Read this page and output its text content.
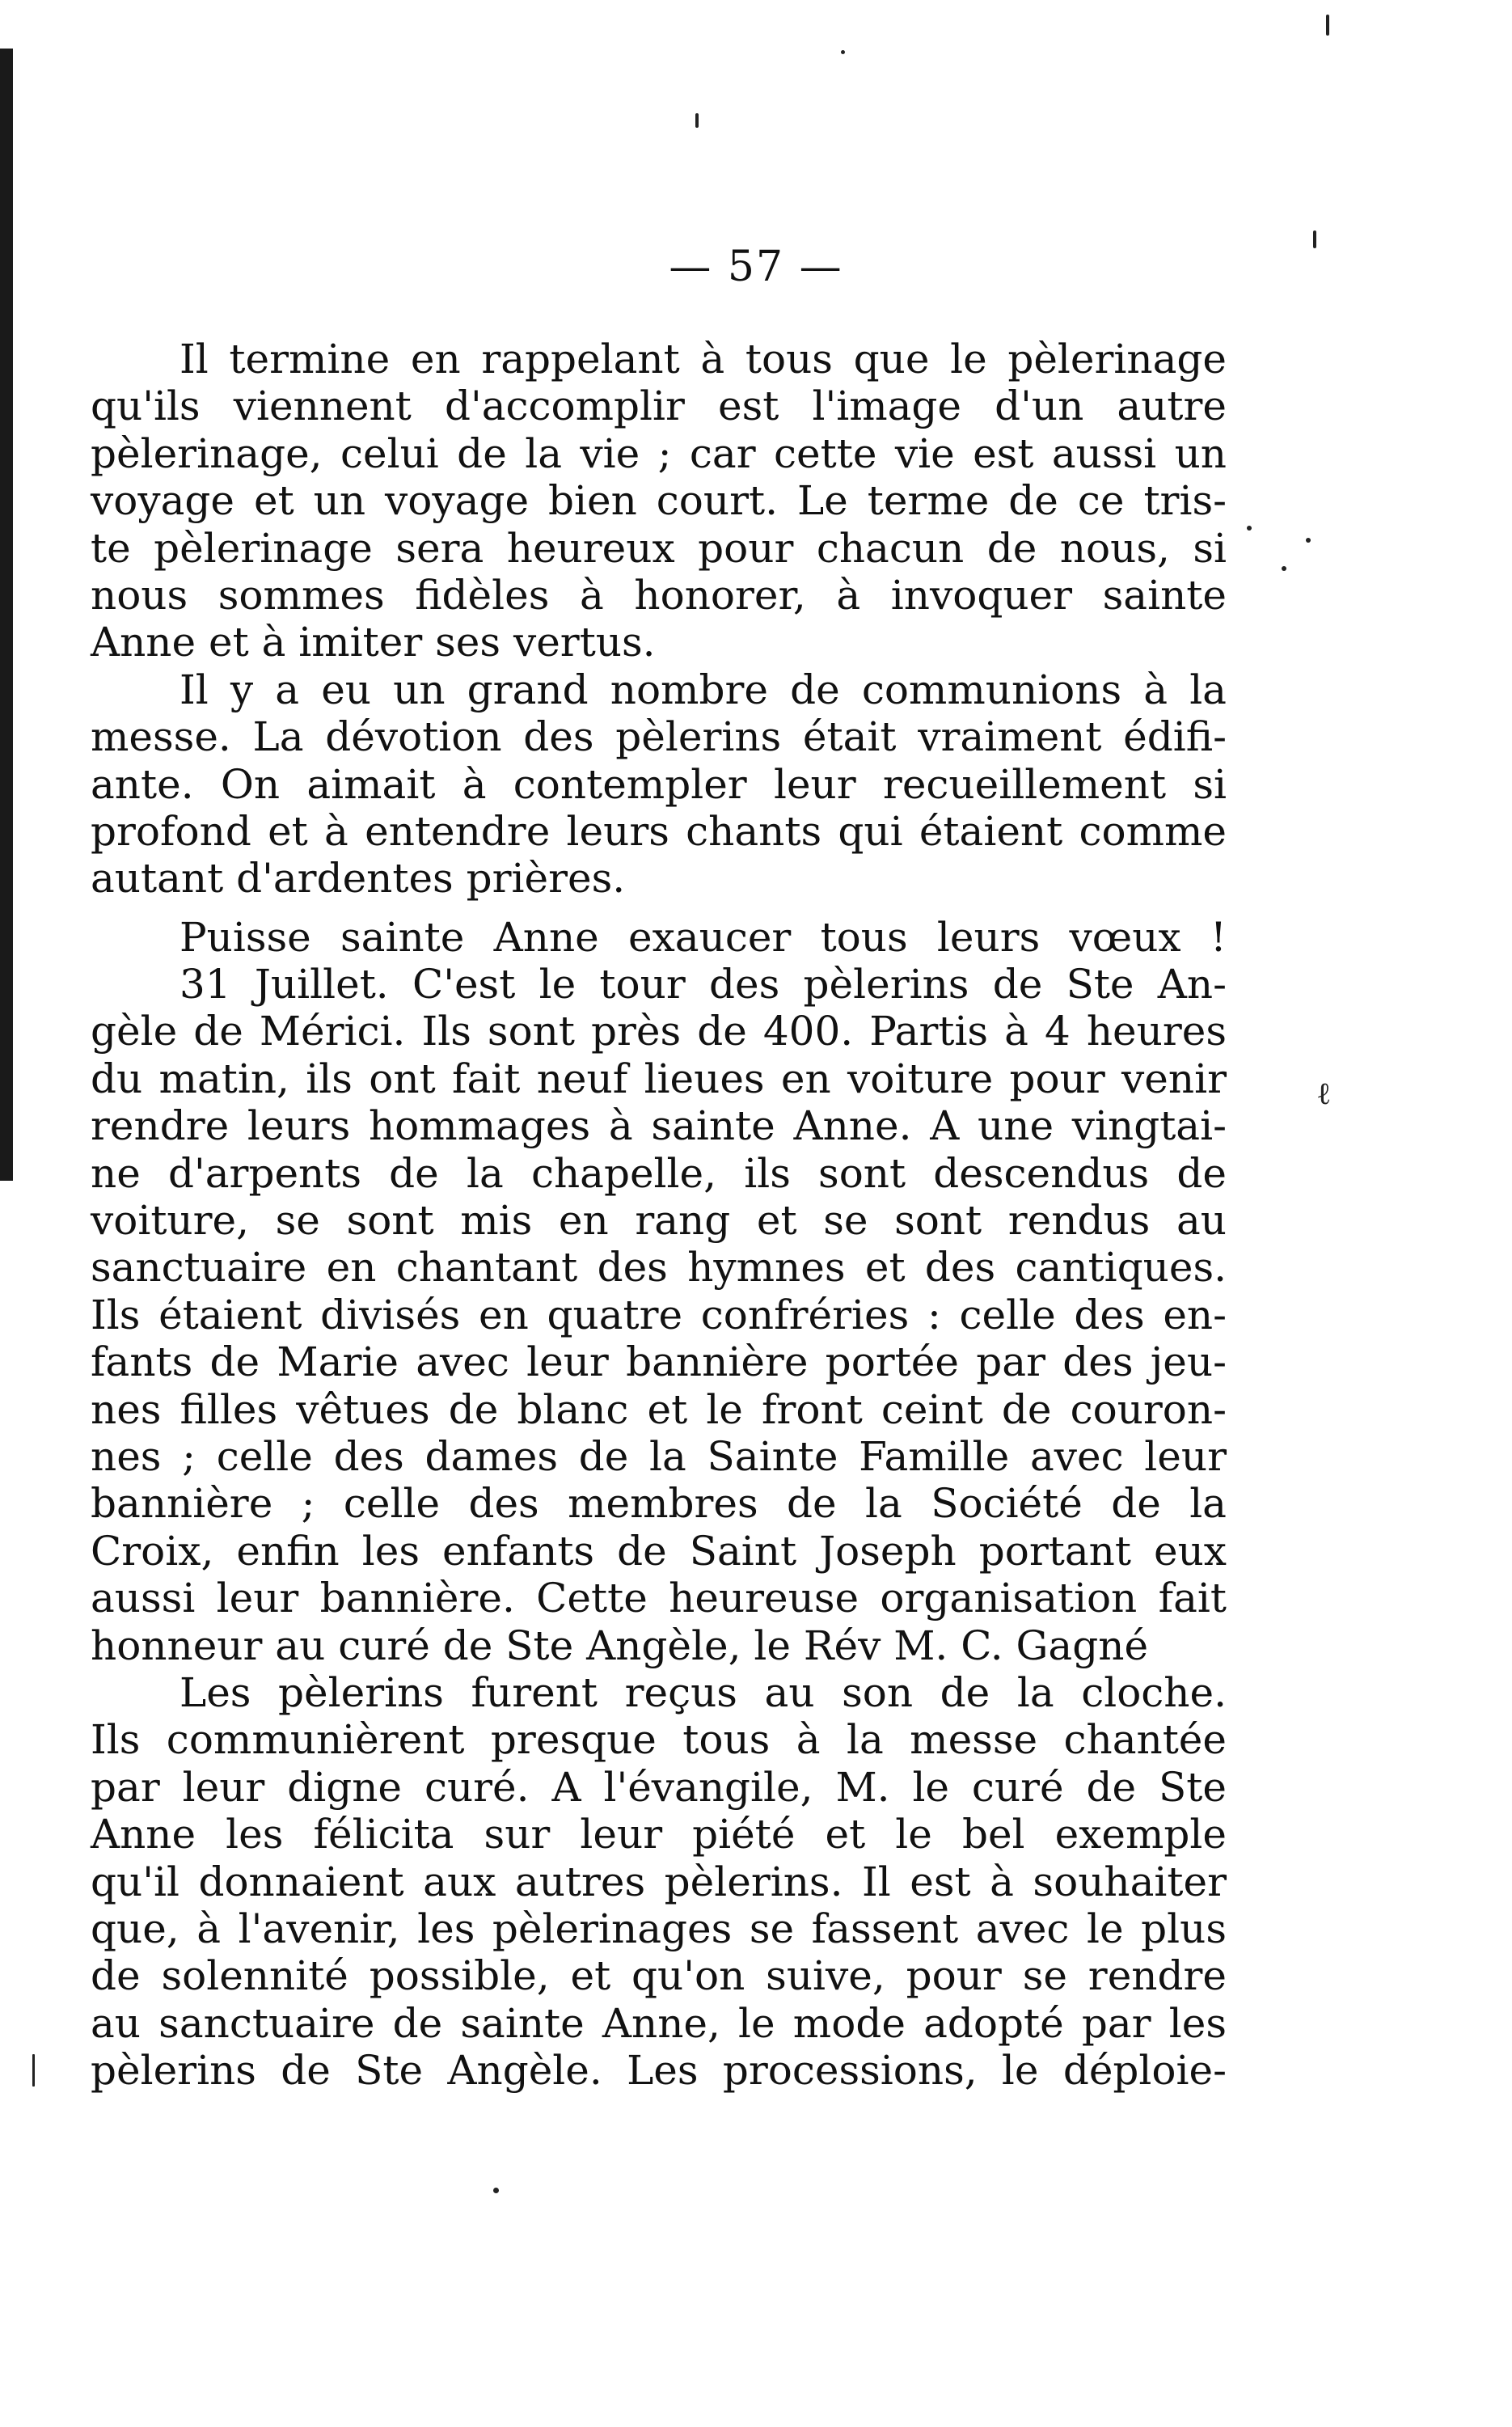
ℓ
— 57 —
Il termine en rappelant à tous que le pèlerinage
qu'ils viennent d'accomplir est l'image d'un autre
pèlerinage, celui de la vie ; car cette vie est aussi un
voyage et un voyage bien court. Le terme de ce tris-
te pèlerinage sera heureux pour chacun de nous, si
nous sommes fidèles à honorer, à invoquer sainte
Anne et à imiter ses vertus.
Il y a eu un grand nombre de communions à la
messe. La dévotion des pèlerins était vraiment édifi-
ante. On aimait à contempler leur recueillement si
profond et à entendre leurs chants qui étaient comme
autant d'ardentes prières.
Puisse sainte Anne exaucer tous leurs vœux !
31 Juillet. C'est le tour des pèlerins de Ste An-
gèle de Mérici. Ils sont près de 400. Partis à 4 heures
du matin, ils ont fait neuf lieues en voiture pour venir
rendre leurs hommages à sainte Anne. A une vingtai-
ne d'arpents de la chapelle, ils sont descendus de
voiture, se sont mis en rang et se sont rendus au
sanctuaire en chantant des hymnes et des cantiques.
Ils étaient divisés en quatre confréries : celle des en-
fants de Marie avec leur bannière portée par des jeu-
nes filles vêtues de blanc et le front ceint de couron-
nes ; celle des dames de la Sainte Famille avec leur
bannière ; celle des membres de la Société de la
Croix, enfin les enfants de Saint Joseph portant eux
aussi leur bannière. Cette heureuse organisation fait
honneur au curé de Ste Angèle, le Rév M. C. Gagné
Les pèlerins furent reçus au son de la cloche.
Ils communièrent presque tous à la messe chantée
par leur digne curé. A l'évangile, M. le curé de Ste
Anne les félicita sur leur piété et le bel exemple
qu'il donnaient aux autres pèlerins. Il est à souhaiter
que, à l'avenir, les pèlerinages se fassent avec le plus
de solennité possible, et qu'on suive, pour se rendre
au sanctuaire de sainte Anne, le mode adopté par les
pèlerins de Ste Angèle. Les processions, le déploie-
